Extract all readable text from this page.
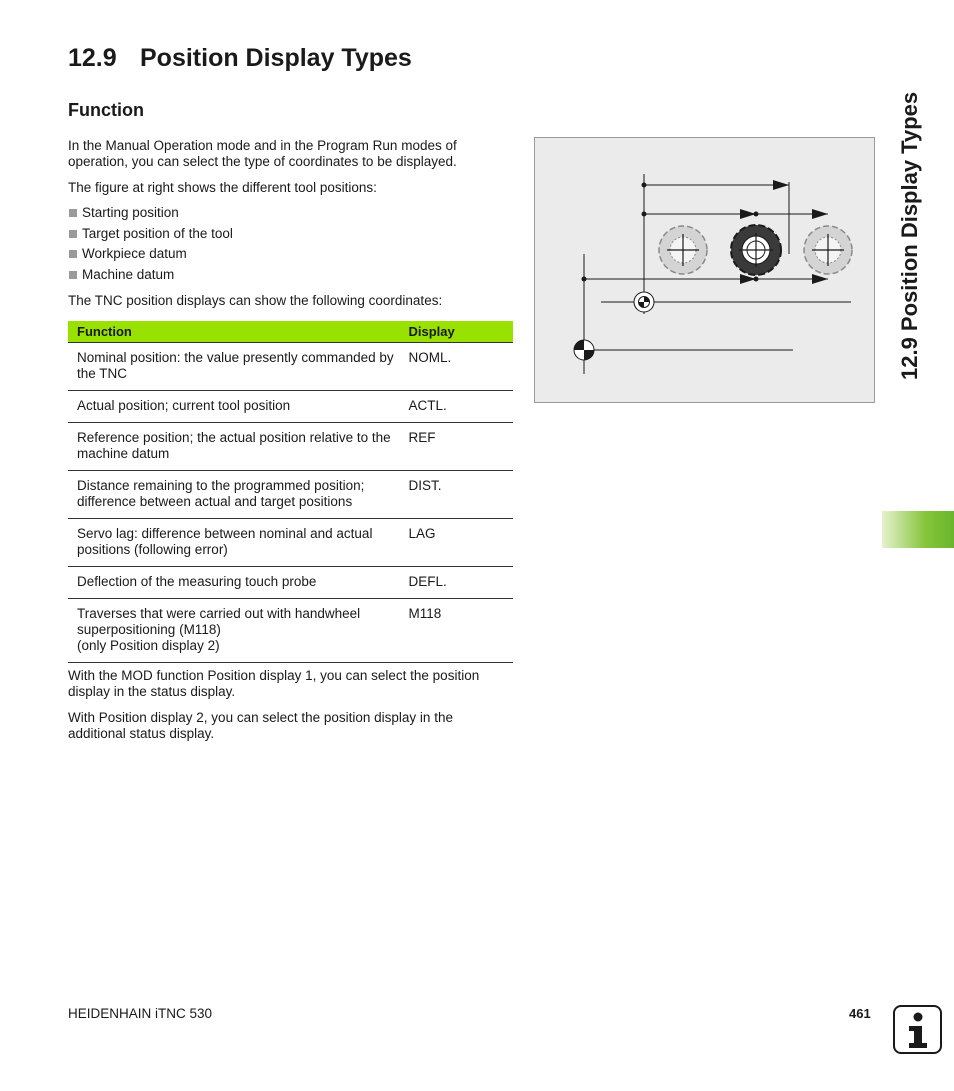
12.9 Position Display Types
Function
In the Manual Operation mode and in the Program Run modes of operation, you can select the type of coordinates to be displayed.
The figure at right shows the different tool positions:
Starting position
Target position of the tool
Workpiece datum
Machine datum
The TNC position displays can show the following coordinates:
Function	Display
Nominal position: the value presently commanded by the TNC	NOML.
Actual position; current tool position	ACTL.
Reference position; the actual position relative to the machine datum	REF
Distance remaining to the programmed position; difference between actual and target positions	DIST.
Servo lag: difference between nominal and actual positions (following error)	LAG
Deflection of the measuring touch probe	DEFL.
Traverses that were carried out with handwheel superpositioning (M118)
(only Position display 2)	M118
With the MOD function Position display 1, you can select the position display in the status display.
With Position display 2, you can select the position display in the additional status display.
12.9 Position Display Types
HEIDENHAIN iTNC 530	461
